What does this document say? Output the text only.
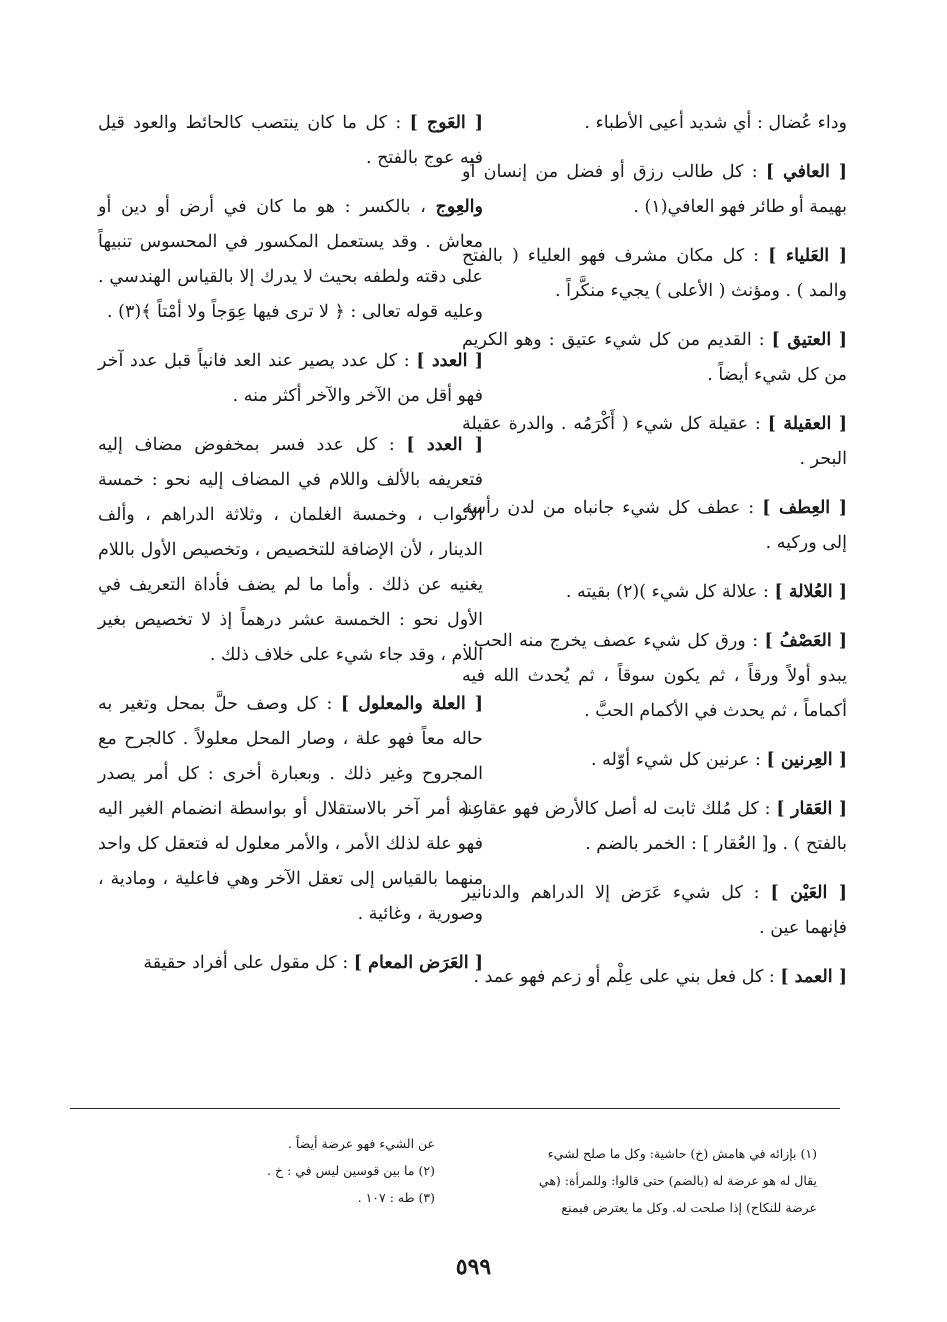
وداء عُضال : أي شديد أعيى الأطباء .

[ العافي ] : كل طالب رزق أو فضل من إنسان أو بهيمة أو طائر فهو العافي(١) .

[ العَلياء ] : كل مكان مشرف فهو العلياء ( بالفتح والمد ) . ومؤنث ( الأعلى ) يجيء منكَّراً .

[ العتيق ] : القديم من كل شيء عتيق : وهو الكريم من كل شيء أيضاً .

[ العقيلة ] : عقيلة كل شيء ( أَكْرَمُه . والدرة عقيلة البحر .

[ العِطف ] : عطف كل شيء جانباه من لدن رأسه إلى وركيه .

[ العُلالة ] : علالة كل شيء )(٢) بقيته .

[ العَصْفُ ] : ورق كل شيء عصف يخرج منه الحب . يبدو أولاً ورقاً ، ثم يكون سوقاً ، ثم يُحدث الله فيه أكماماً ، ثم يحدث في الأكمام الحبَّ .

[ العِرنين ] : عرنين كل شيء أوّله .

[ العَقار ] : كل مُلك ثابت له أصل كالأرض فهو عقار ( بالفتح ) . و[ العُقار ] : الخمر بالضم .

[ العَيْن ] : كل شيء عَرَض إلا الدراهم والدنانير فإنهما عين .

[ العمد ] : كل فعل بني على عِلْم أو زعم فهو عمد .

[ العَوج ] : كل ما كان ينتصب كالحائط والعود قيل فيه عوج بالفتح .

والعِوج ، بالكسر : هو ما كان في أرض أو دين أو معاش . وقد يستعمل المكسور في المحسوس تنبيهاً على دقته ولطفه بحيث لا يدرك إلا بالقياس الهندسي . وعليه قوله تعالى : ﴿ لا ترى فيها عِوَجاً ولا أمْتاً ﴾(٣) .

[ العدد ] : كل عدد يصير عند العد فانياً قبل عدد آخر فهو أقل من الآخر والآخر أكثر منه .

[ العدد ] : كل عدد فسر بمخفوض مضاف إليه فتعريفه بالألف واللام في المضاف إليه نحو : خمسة الأثواب ، وخمسة الغلمان ، وثلاثة الدراهم ، وألف الدينار ، لأن الإضافة للتخصيص ، وتخصيص الأول باللام يغنيه عن ذلك . وأما ما لم يضف فأداة التعريف في الأول نحو : الخمسة عشر درهماً إذ لا تخصيص بغير اللام ، وقد جاء شيء على خلاف ذلك .

[ العلة والمعلول ] : كل وصف حلَّ بمحل وتغير به حاله معاً فهو علة ، وصار المحل معلولاً . كالجرح مع المجروح وغير ذلك . وبعبارة أخرى : كل أمر يصدر عنه أمر آخر بالاستقلال أو بواسطة انضمام الغير اليه فهو علة لذلك الأمر ، والأمر معلول له فتعقل كل واحد منهما بالقياس إلى تعقل الآخر وهي فاعلية ، ومادية ، وصورية ، وغائية .

[ العَرَض المعام ] : كل مقول على أفراد حقيقة

(١) بإزائه في هامش (خ) حاشية: وكل ما صلح لشيء
يقال له هو عرضة له (بالضم) حتى قالوا: وللمرأة: (هي
عرضة للنكاح) إذا صلحت له. وكل ما يعترض فيمنع
عن الشيء فهو عرضة أيضاً .
(٢) ما بين قوسين ليس في : خ .
(٣) طه : ١٠٧ .
٥٩٩
